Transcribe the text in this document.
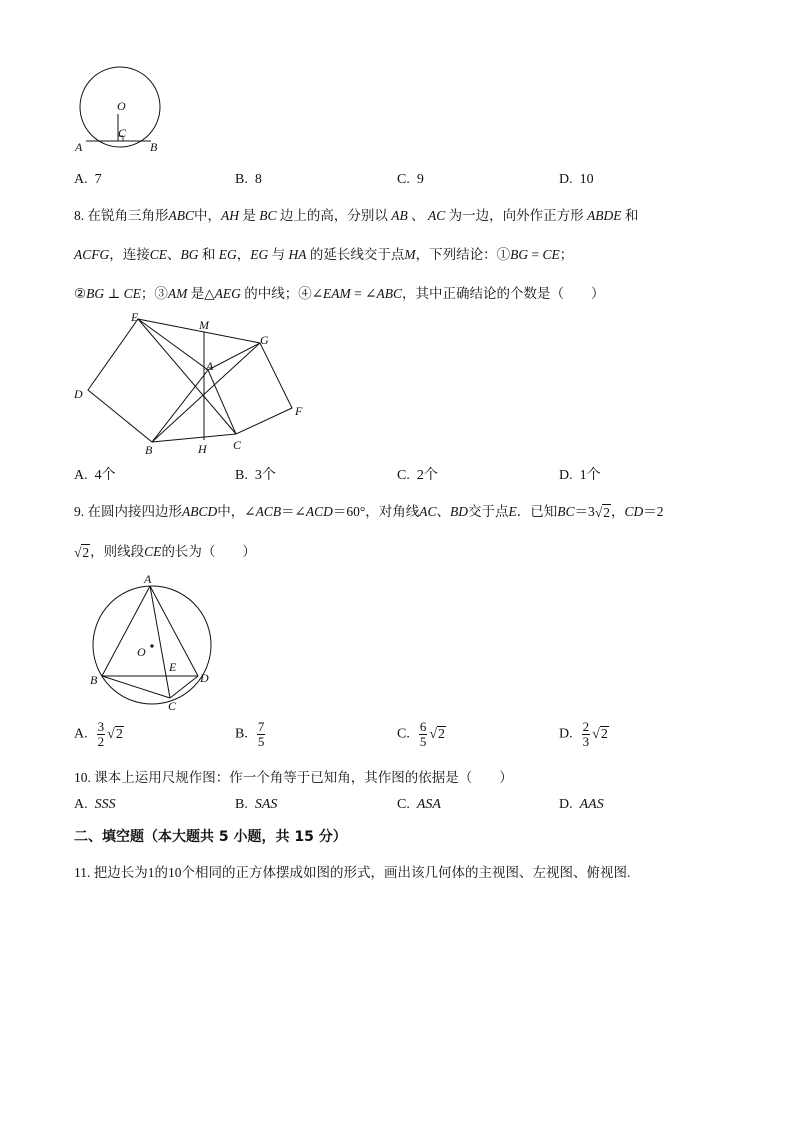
O
C
A	B
A. 7	B. 8	C. 9	D. 10
8. 在锐角三角形ABC中，AH 是 BC 边上的高，分别以 AB 、 AC 为一边，向外作正方形 ABDE 和
ACFG，连接CE、BG 和 EG，EG 与 HA 的延长线交于点M，下列结论：①BG = CE；
②BG ⊥ CE；③AM 是△AEG 的中线；④∠EAM = ∠ABC，其中正确结论的个数是（　　）
E
M
G
A
D
F
B	H C
A. 4个	B. 3个	C. 2个	D. 1个
9. 在圆内接四边形ABCD中，∠ACB＝∠ACD＝60°，对角线AC、BD交于点E．已知BC＝3√2，CD＝2
√2，则线段CE的长为（　　）
A
O
E
B	D
C
A. $\frac{3}{2} √2$	B. $\frac{7}{5}$	C. $\frac{6}{5} √2$	D. $\frac{2}{3} √2$
10. 课本上运用尺规作图：作一个角等于已知角，其作图的依据是（　　）
A. SSS	B. SAS	C. ASA	D. AAS
二、填空题（本大题共 5 小题，共 15 分）
11. 把边长为1的10个相同的正方体摆成如图的形式，画出该几何体的主视图、左视图、俯视图.
